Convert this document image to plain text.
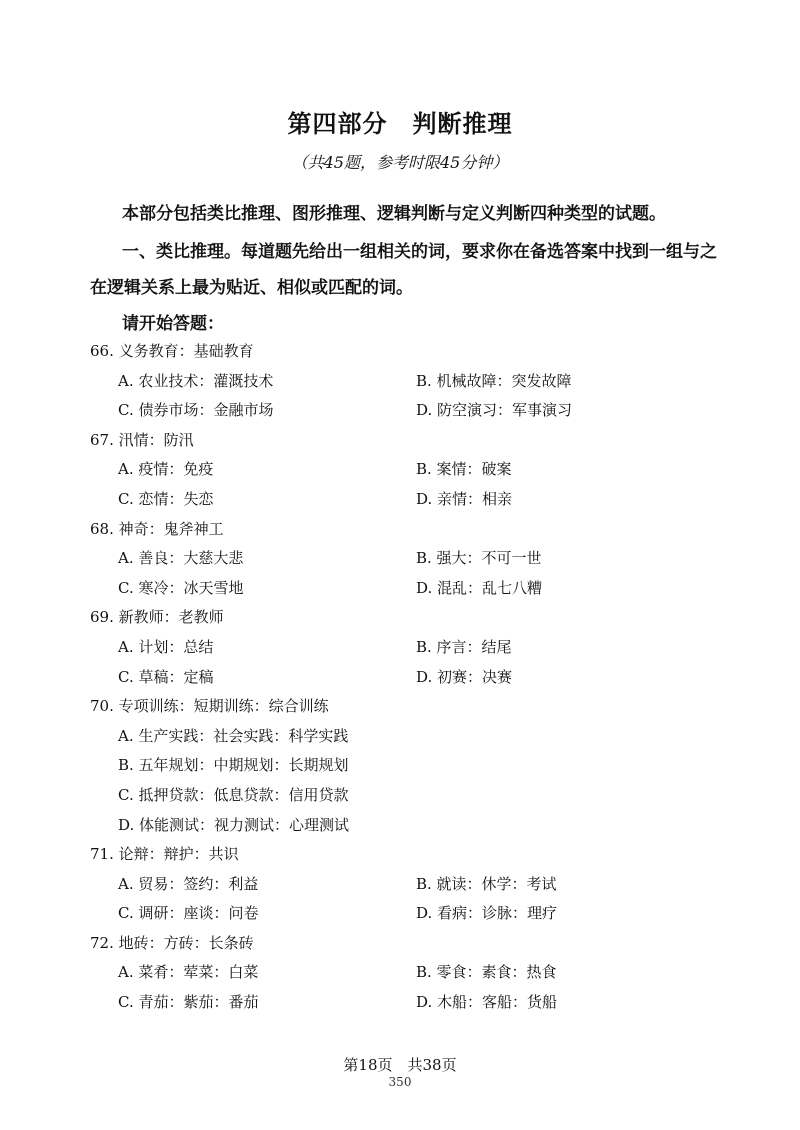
第四部分　判断推理
（共45题，参考时限45分钟）
本部分包括类比推理、图形推理、逻辑判断与定义判断四种类型的试题。
一、类比推理。每道题先给出一组相关的词，要求你在备选答案中找到一组与之在逻辑关系上最为贴近、相似或匹配的词。
请开始答题：
66. 义务教育：基础教育
A. 农业技术：灌溉技术	B. 机械故障：突发故障
C. 债券市场：金融市场	D. 防空演习：军事演习
67. 汛情：防汛
A. 疫情：免疫	B. 案情：破案
C. 恋情：失恋	D. 亲情：相亲
68. 神奇：鬼斧神工
A. 善良：大慈大悲	B. 强大：不可一世
C. 寒冷：冰天雪地	D. 混乱：乱七八糟
69. 新教师：老教师
A. 计划：总结	B. 序言：结尾
C. 草稿：定稿	D. 初赛：决赛
70. 专项训练：短期训练：综合训练
A. 生产实践：社会实践：科学实践
B. 五年规划：中期规划：长期规划
C. 抵押贷款：低息贷款：信用贷款
D. 体能测试：视力测试：心理测试
71. 论辩：辩护：共识
A. 贸易：签约：利益	B. 就读：休学：考试
C. 调研：座谈：问卷	D. 看病：诊脉：理疗
72. 地砖：方砖：长条砖
A. 菜肴：荤菜：白菜	B. 零食：素食：热食
C. 青茄：紫茄：番茄	D. 木船：客船：货船
第18页　共38页
350
